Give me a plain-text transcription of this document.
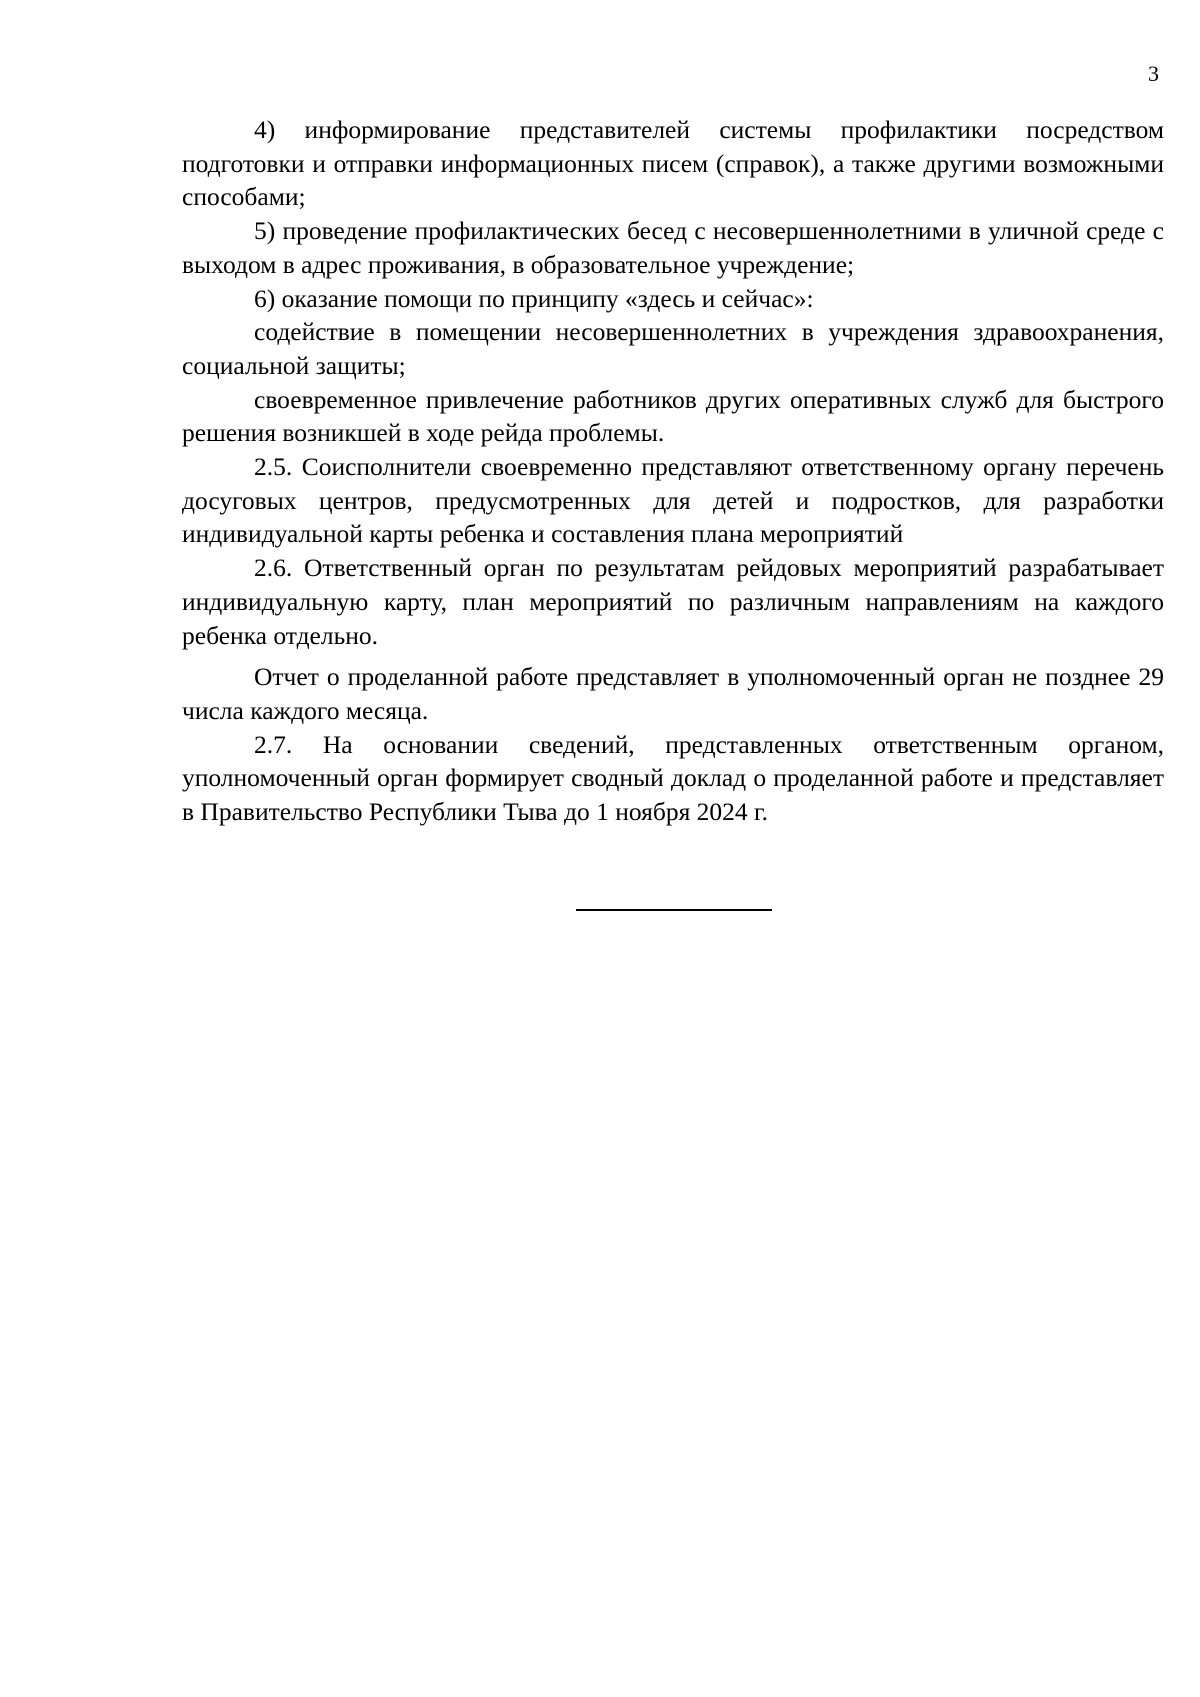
3

4) информирование представителей системы профилактики посредством подготовки и отправки информационных писем (справок), а также другими возможными способами;

5) проведение профилактических бесед с несовершеннолетними в уличной среде с выходом в адрес проживания, в образовательное учреждение;

6) оказание помощи по принципу «здесь и сейчас»:

содействие в помещении несовершеннолетних в учреждения здравоохранения, социальной защиты;

своевременное привлечение работников других оперативных служб для быстрого решения возникшей в ходе рейда проблемы.

2.5. Соисполнители своевременно представляют ответственному органу перечень досуговых центров, предусмотренных для детей и подростков, для разработки индивидуальной карты ребенка и составления плана мероприятий

2.6. Ответственный орган по результатам рейдовых мероприятий разрабатывает индивидуальную карту, план мероприятий по различным направлениям на каждого ребенка отдельно.

Отчет о проделанной работе представляет в уполномоченный орган не позднее 29 числа каждого месяца.

2.7. На основании сведений, представленных ответственным органом, уполномоченный орган формирует сводный доклад о проделанной работе и представляет в Правительство Республики Тыва до 1 ноября 2024 г.
